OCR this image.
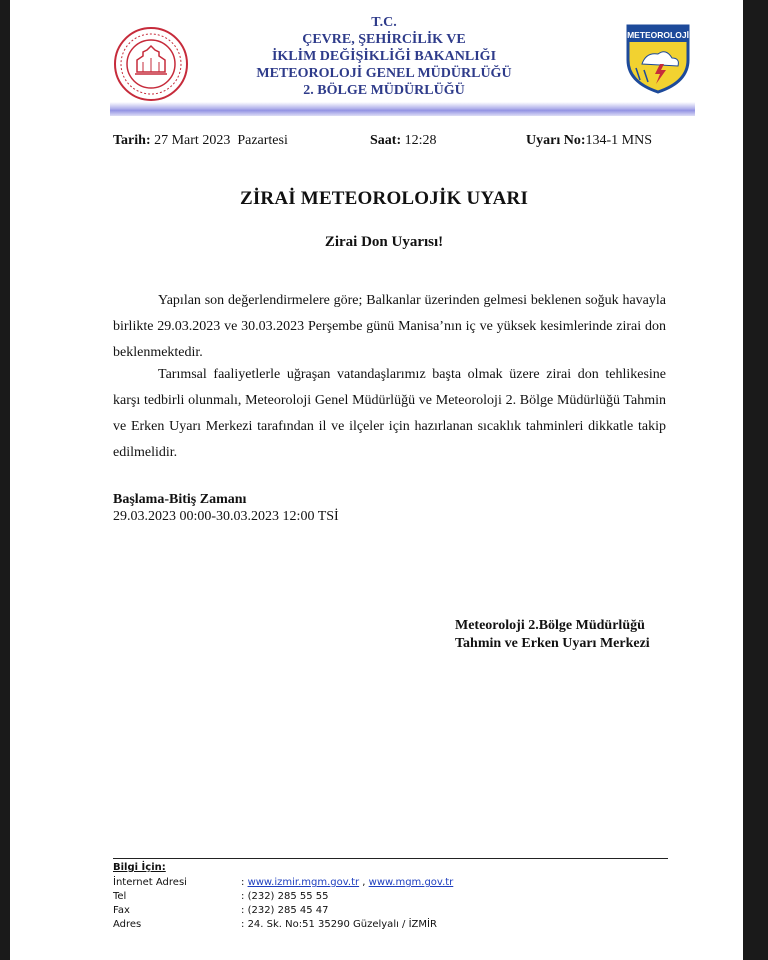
T.C.
ÇEVRE, ŞEHİRCİLİK VE
İKLİM DEĞİŞİKLİĞİ BAKANLIĞI
METEOROLOJİ GENEL MÜDÜRLÜĞÜ
2. BÖLGE MÜDÜRLÜĞÜ
METEOROLOJİ
Tarih: 27 Mart 2023  Pazartesi	Saat: 12:28	Uyarı No:134-1 MNS
ZİRAİ METEOROLOJİK UYARI
Zirai Don Uyarısı!
Yapılan son değerlendirmelere göre; Balkanlar üzerinden gelmesi beklenen soğuk havayla birlikte 29.03.2023 ve 30.03.2023 Perşembe günü Manisa’nın iç ve yüksek kesimlerinde zirai don beklenmektedir.
Tarımsal faaliyetlerle uğraşan vatandaşlarımız başta olmak üzere zirai don tehlikesine karşı tedbirli olunmalı, Meteoroloji Genel Müdürlüğü ve Meteoroloji 2. Bölge Müdürlüğü Tahmin ve Erken Uyarı Merkezi tarafından il ve ilçeler için hazırlanan sıcaklık tahminleri dikkatle takip edilmelidir.
Başlama-Bitiş Zamanı
29.03.2023 00:00-30.03.2023 12:00 TSİ
Meteoroloji 2.Bölge Müdürlüğü
Tahmin ve Erken Uyarı Merkezi
Bilgi İçin:
İnternet Adresi	: www.izmir.mgm.gov.tr , www.mgm.gov.tr
Tel	: (232) 285 55 55
Fax	: (232) 285 45 47
Adres	: 24. Sk. No:51 35290 Güzelyalı / İZMİR
